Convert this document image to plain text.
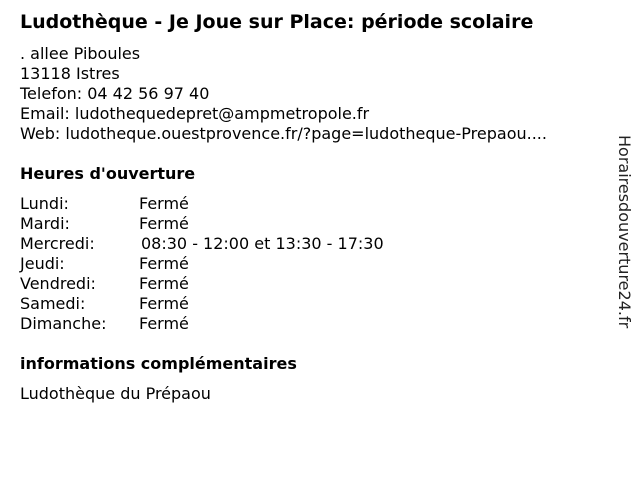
Ludothèque - Je Joue sur Place: période scolaire
. allee Piboules
13118 Istres
Telefon: 04 42 56 97 40
Email: ludothequedepret@ampmetropole.fr
Web: ludotheque.ouestprovence.fr/?page=ludotheque-Prepaou....
Heures d'ouverture
Lundi:	Fermé
Mardi:	Fermé
Mercredi:	08:30 - 12:00 et 13:30 - 17:30
Jeudi:	Fermé
Vendredi:	Fermé
Samedi:	Fermé
Dimanche: Fermé
informations complémentaires
Ludothèque du Prépaou
Horairesdouverture24.fr
